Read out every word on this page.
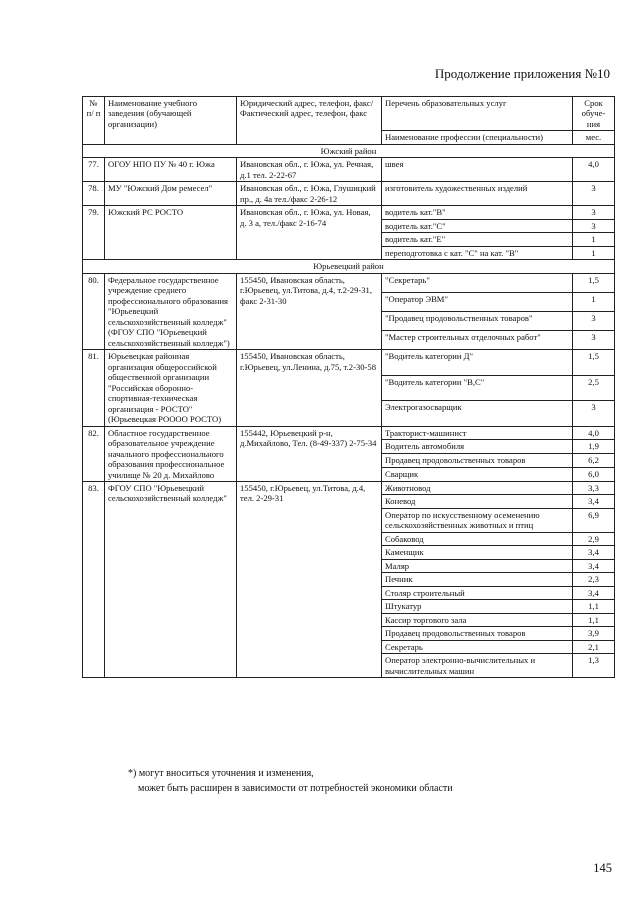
Продолжение приложения №10
№ п/ п	Наименование учебного заведения (обучающей организации)	Юридический адрес, телефон, факс/ Фактический адрес, телефон, факс	Перечень образовательных услуг	Срок обуче- ния
			Наименование профессии (специальности)	мес.
Южский район				
77.	ОГОУ НПО ПУ № 40 г. Южа	Ивановская обл., г. Южа, ул. Речная, д.1 тел. 2-22-67	швея	4,0
78.	МУ "Южский Дом ремесел"	Ивановская обл., г. Южа, Глушицкий пр., д. 4а тел./факс 2-26-12	изготовитель художественных изделий	3
79.	Южский РС РОСТО	Ивановская обл., г. Южа, ул. Новая, д. 3 а, тел./факс 2-16-74	водитель кат."В"	3
			водитель кат."С"	3
			водитель кат."Е"	1
			переподготовка с кат. "С" на кат. "В"	1
Юрьевецкий район				
80.	Федеральное государственное учреждение среднего профессионального образования "Юрьевецкий сельскохозяйственный колледж" (ФГОУ СПО "Юрьевецкий сельскохозяйственный колледж")	155450, Ивановская область, г.Юрьевец, ул.Титова, д.4, т.2-29-31, факс 2-31-30	"Секретарь"	1,5
			"Оператор ЭВМ"	1
			"Продавец продовольственных товаров"	3
			"Мастер строительных отделочных работ"	3
81.	Юрьевецкая районная организация общероссийской общественной организации "Российская оборонно-спортивная-техническая организация - РОСТО" (Юрьевецкая РОООО РОСТО)	155450, Ивановская область, г.Юрьевец, ул.Ленина, д.75, т.2-30-58	"Водитель категории Д"	1,5
			"Водитель категории "В,С"	2,5
			Электрогазосварщик	3
82.	Областное государственное образовательное учреждение начального профессионального образования профессиональное училище № 20 д. Михайлово	155442, Юрьевецкий р-н, д.Михайлово, Тел. (8-49-337) 2-75-34	Тракторист-машинист	4,0
			Водитель автомобиля	1,9
			Продавец продовольственных товаров	6,2
			Сварщик	6,0
83.	ФГОУ СПО "Юрьевецкий сельскохозяйственный колледж"	155450, г.Юрьевец, ул.Титова, д.4, тел. 2-29-31	Животновод	3,3
			Коневод	3,4
			Оператор по искусственному осеменению сельскохозяйственных животных и птиц	6,9
			Собаковод	2,9
			Каменщик	3,4
			Маляр	3,4
			Печник	2,3
			Столяр строительный	3,4
			Штукатур	1,1
			Кассир торгового зала	1,1
			Продавец продовольственных товаров	3,9
			Секретарь	2,1
			Оператор электронно-вычислительных и вычислительных машин	1,3
*) могут вноситься уточнения и изменения,
может быть расширен в зависимости от потребностей экономики области
145
